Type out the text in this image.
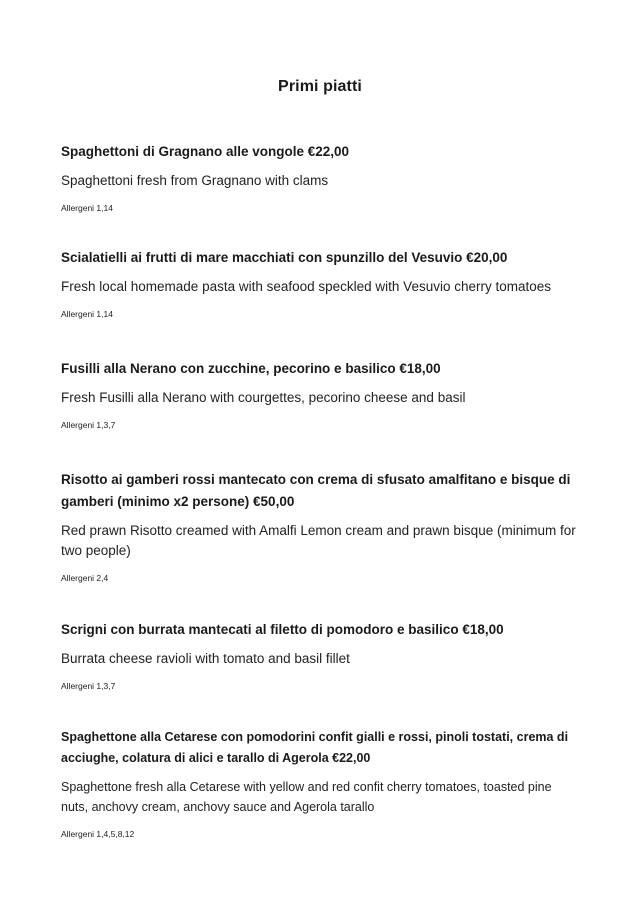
Primi piatti

Spaghettoni di Gragnano alle vongole €22,00

Spaghettoni fresh from Gragnano with clams

Allergeni 1,14

Scialatielli ai frutti di mare macchiati con spunzillo del Vesuvio €20,00

Fresh local homemade pasta with seafood speckled with Vesuvio cherry tomatoes

Allergeni 1,14

Fusilli alla Nerano con zucchine, pecorino e basilico €18,00

Fresh Fusilli alla Nerano with courgettes, pecorino cheese and basil

Allergeni 1,3,7

Risotto ai gamberi rossi mantecato con crema di sfusato amalfitano e bisque di gamberi (minimo x2 persone) €50,00

Red prawn Risotto creamed with Amalfi Lemon cream and prawn bisque (minimum for two people)

Allergeni 2,4

Scrigni con burrata mantecati al filetto di pomodoro e basilico €18,00

Burrata cheese ravioli with tomato and basil fillet

Allergeni 1,3,7

Spaghettone alla Cetarese con pomodorini confit gialli e rossi, pinoli tostati, crema di acciughe, colatura di alici e tarallo di Agerola €22,00

Spaghettone fresh alla Cetarese with yellow and red confit cherry tomatoes, toasted pine nuts, anchovy cream, anchovy sauce and Agerola tarallo

Allergeni 1,4,5,8,12
